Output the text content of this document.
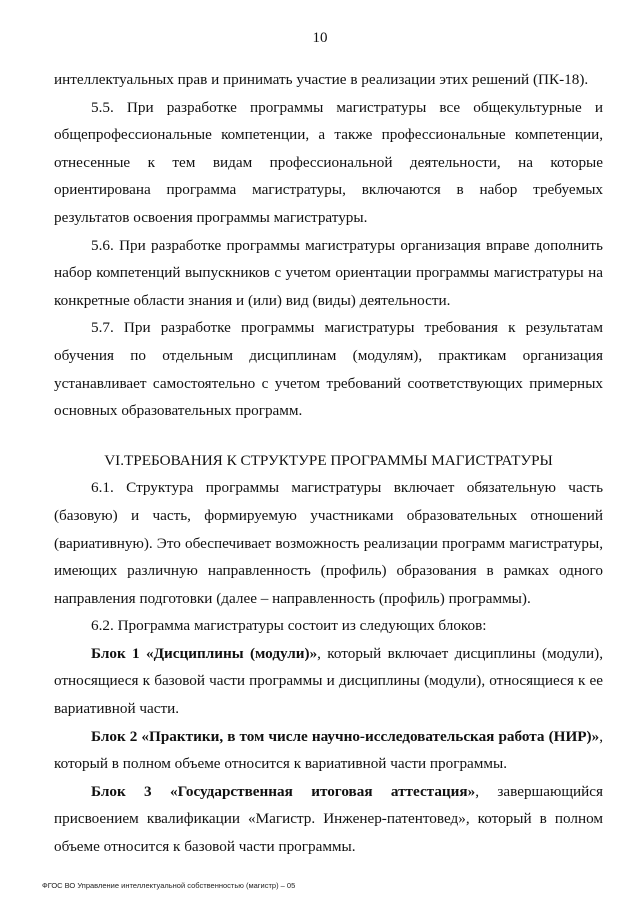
10

интеллектуальных прав и принимать участие в реализации этих решений (ПК-18).

5.5. При разработке программы магистратуры все общекультурные и общепрофессиональные компетенции, а также профессиональные компетенции, отнесенные к тем видам профессиональной деятельности, на которые ориентирована программа магистратуры, включаются в набор требуемых результатов освоения программы магистратуры.

5.6. При разработке программы магистратуры организация вправе дополнить набор компетенций выпускников с учетом ориентации программы магистратуры на конкретные области знания и (или) вид (виды) деятельности.

5.7. При разработке программы магистратуры требования к результатам обучения по отдельным дисциплинам (модулям), практикам организация устанавливает самостоятельно с учетом требований соответствующих примерных основных образовательных программ.

VI.ТРЕБОВАНИЯ К СТРУКТУРЕ ПРОГРАММЫ МАГИСТРАТУРЫ

6.1. Структура программы магистратуры включает обязательную часть (базовую) и часть, формируемую участниками образовательных отношений (вариативную). Это обеспечивает возможность реализации программ магистратуры, имеющих различную направленность (профиль) образования в рамках одного направления подготовки (далее – направленность (профиль) программы).

6.2. Программа магистратуры состоит из следующих блоков:

Блок 1 «Дисциплины (модули)», который включает дисциплины (модули), относящиеся к базовой части программы и дисциплины (модули), относящиеся к ее вариативной части.

Блок 2 «Практики, в том числе научно-исследовательская работа (НИР)», который в полном объеме относится к вариативной части программы.

Блок 3 «Государственная итоговая аттестация», завершающийся присвоением квалификации «Магистр. Инженер-патентовед», который в полном объеме относится к базовой части программы.

ФГОС ВО Управление интеллектуальной собственностью (магистр) – 05
